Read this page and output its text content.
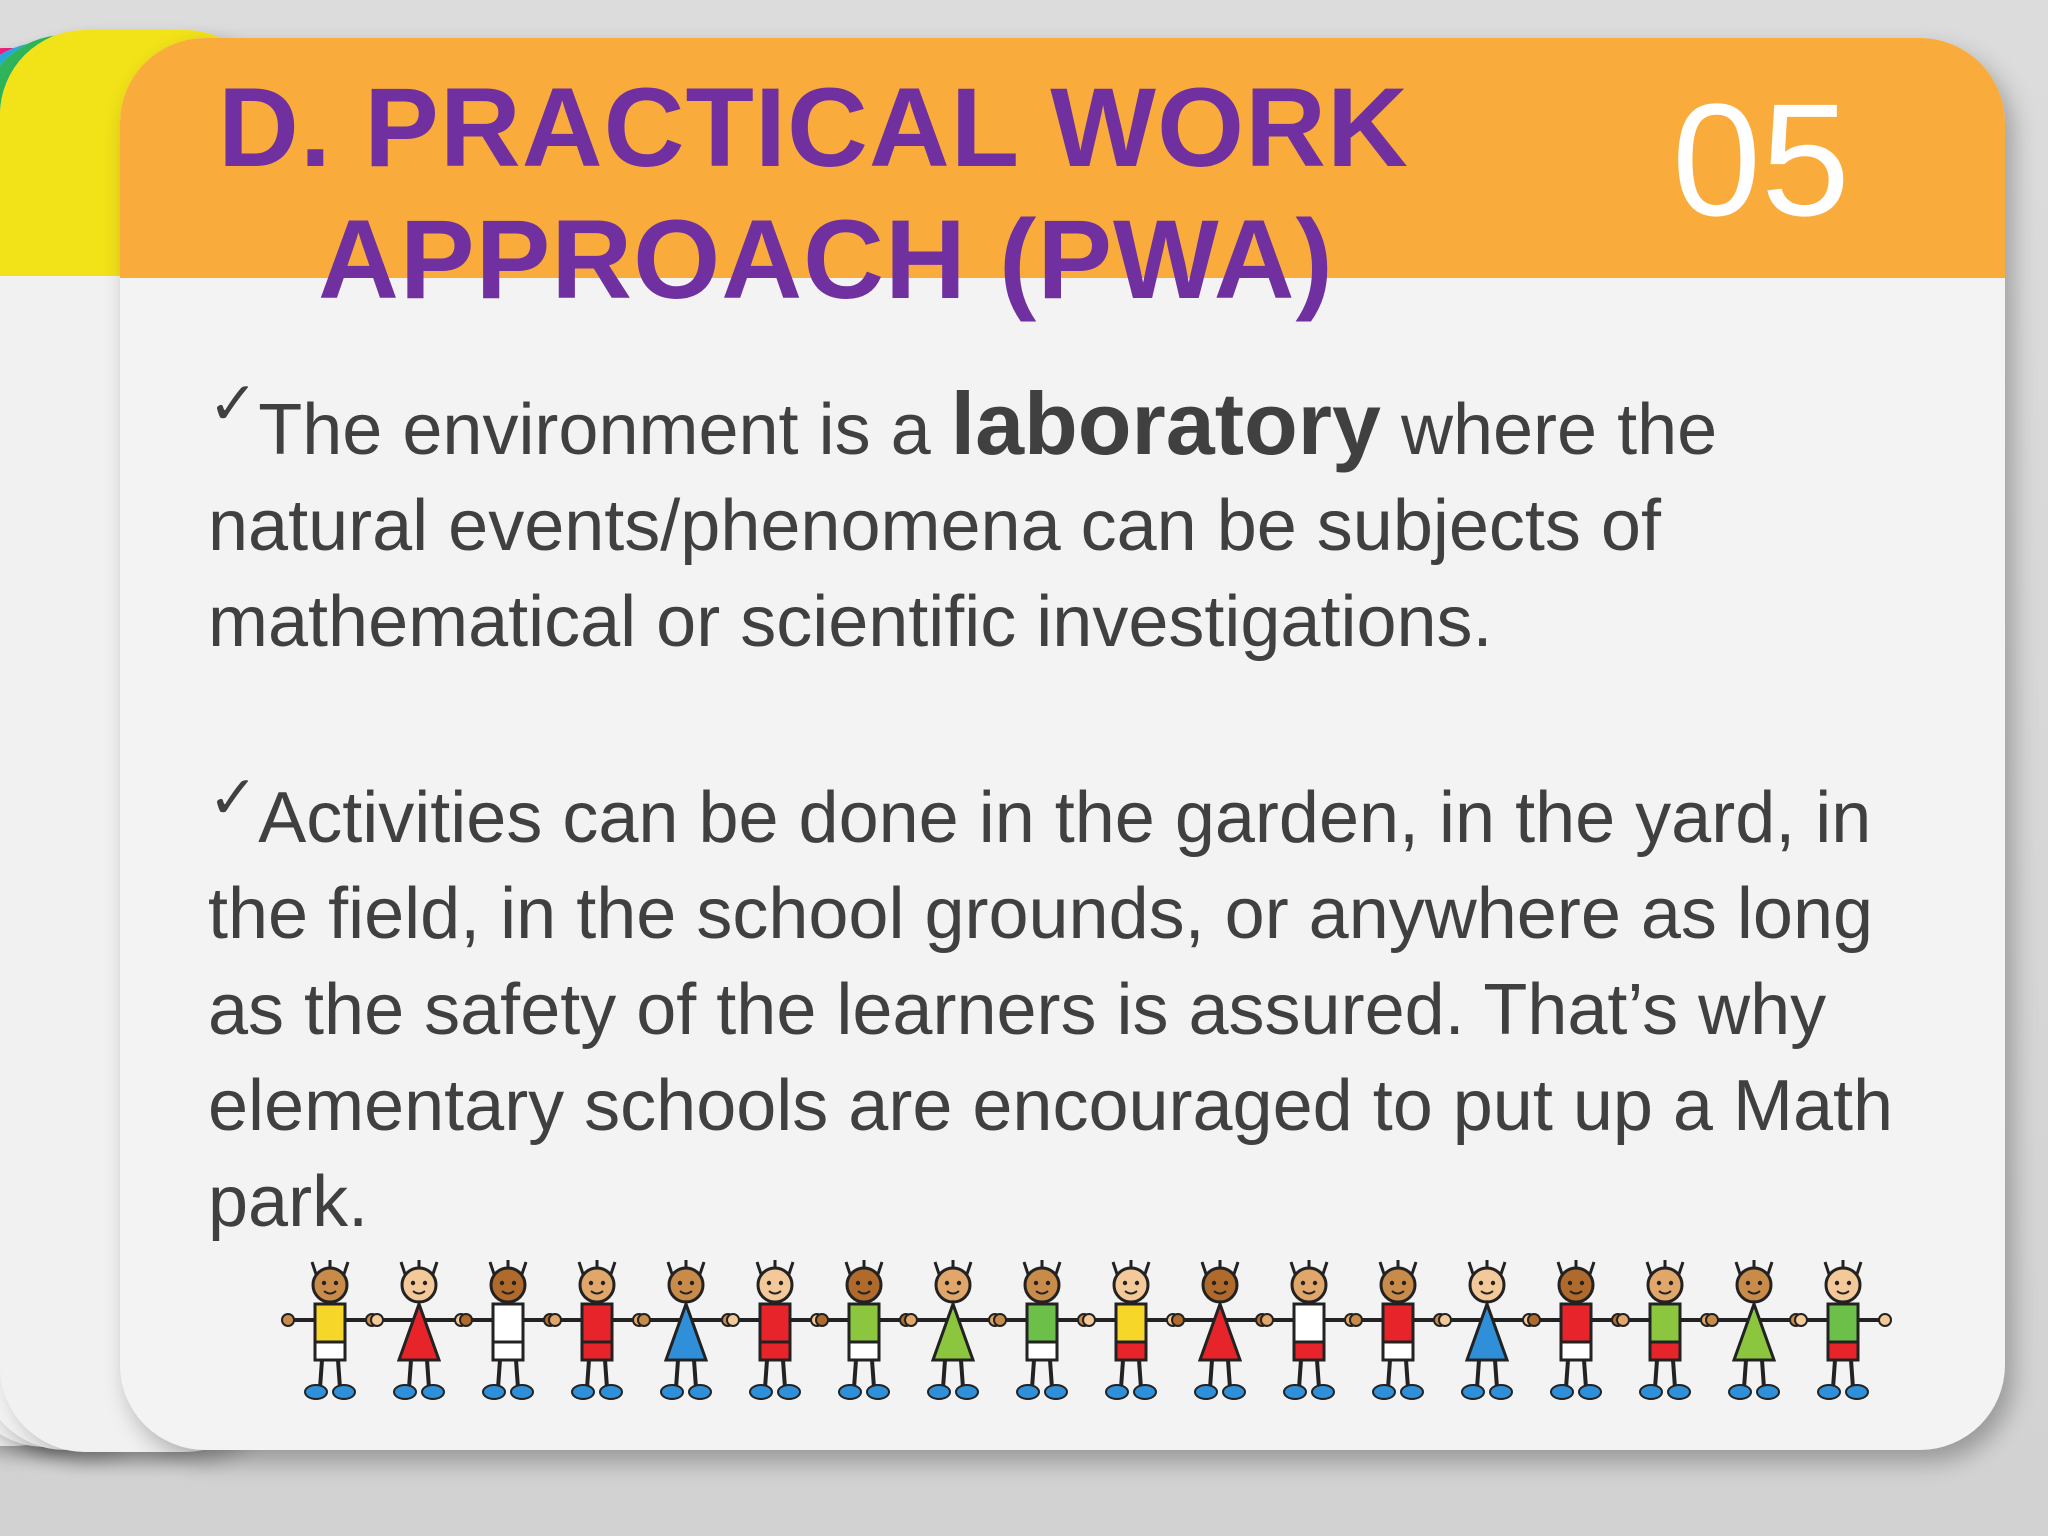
D. PRACTICAL WORK
APPROACH (PWA)
05
✓The environment is a laboratory where the natural events/phenomena can be subjects of mathematical or scientific investigations.
✓Activities can be done in the garden, in the yard, in the field, in the school grounds, or anywhere as long as the safety of the learners is assured. That’s why elementary schools are encouraged to put up a Math park.
